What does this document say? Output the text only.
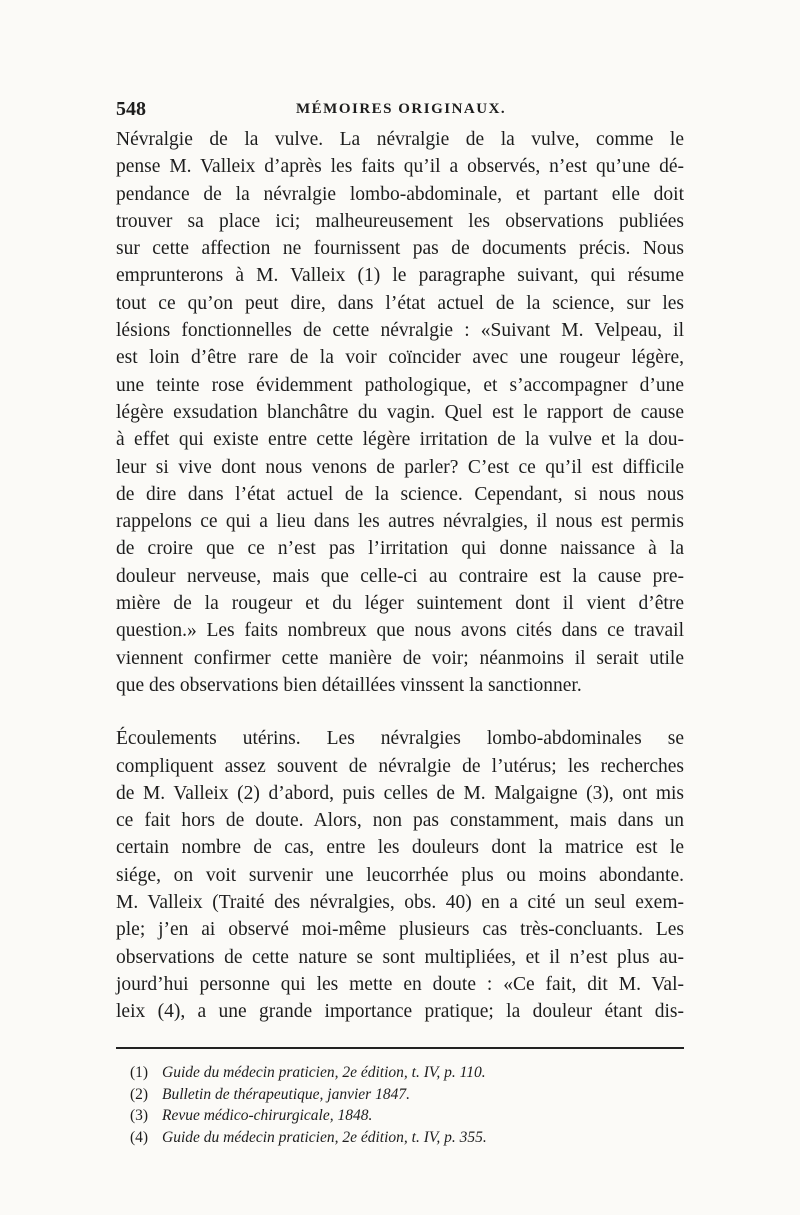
548	MÉMOIRES ORIGINAUX.
Névralgie de la vulve. La névralgie de la vulve, comme le
pense M. Valleix d’après les faits qu’il a observés, n’est qu’une dé-
pendance de la névralgie lombo-abdominale, et partant elle doit
trouver sa place ici; malheureusement les observations publiées
sur cette affection ne fournissent pas de documents précis. Nous
emprunterons à M. Valleix (1) le paragraphe suivant, qui résume
tout ce qu’on peut dire, dans l’état actuel de la science, sur les
lésions fonctionnelles de cette névralgie : «Suivant M. Velpeau, il
est loin d’être rare de la voir coïncider avec une rougeur légère,
une teinte rose évidemment pathologique, et s’accompagner d’une
légère exsudation blanchâtre du vagin. Quel est le rapport de cause
à effet qui existe entre cette légère irritation de la vulve et la dou-
leur si vive dont nous venons de parler? C’est ce qu’il est difficile
de dire dans l’état actuel de la science. Cependant, si nous nous
rappelons ce qui a lieu dans les autres névralgies, il nous est permis
de croire que ce n’est pas l’irritation qui donne naissance à la
douleur nerveuse, mais que celle-ci au contraire est la cause pre-
mière de la rougeur et du léger suintement dont il vient d’être
question.» Les faits nombreux que nous avons cités dans ce travail
viennent confirmer cette manière de voir; néanmoins il serait utile
que des observations bien détaillées vinssent la sanctionner.
Écoulements utérins. Les névralgies lombo-abdominales se
compliquent assez souvent de névralgie de l’utérus; les recherches
de M. Valleix (2) d’abord, puis celles de M. Malgaigne (3), ont mis
ce fait hors de doute. Alors, non pas constamment, mais dans un
certain nombre de cas, entre les douleurs dont la matrice est le
siége, on voit survenir une leucorrhée plus ou moins abondante.
M. Valleix (Traité des névralgies, obs. 40) en a cité un seul exem-
ple; j’en ai observé moi-même plusieurs cas très-concluants. Les
observations de cette nature se sont multipliées, et il n’est plus au-
jourd’hui personne qui les mette en doute : «Ce fait, dit M. Val-
leix (4), a une grande importance pratique; la douleur étant dis-
(1) Guide du médecin praticien, 2e édition, t. IV, p. 110.
(2) Bulletin de thérapeutique, janvier 1847.
(3) Revue médico-chirurgicale, 1848.
(4) Guide du médecin praticien, 2e édition, t. IV, p. 355.
